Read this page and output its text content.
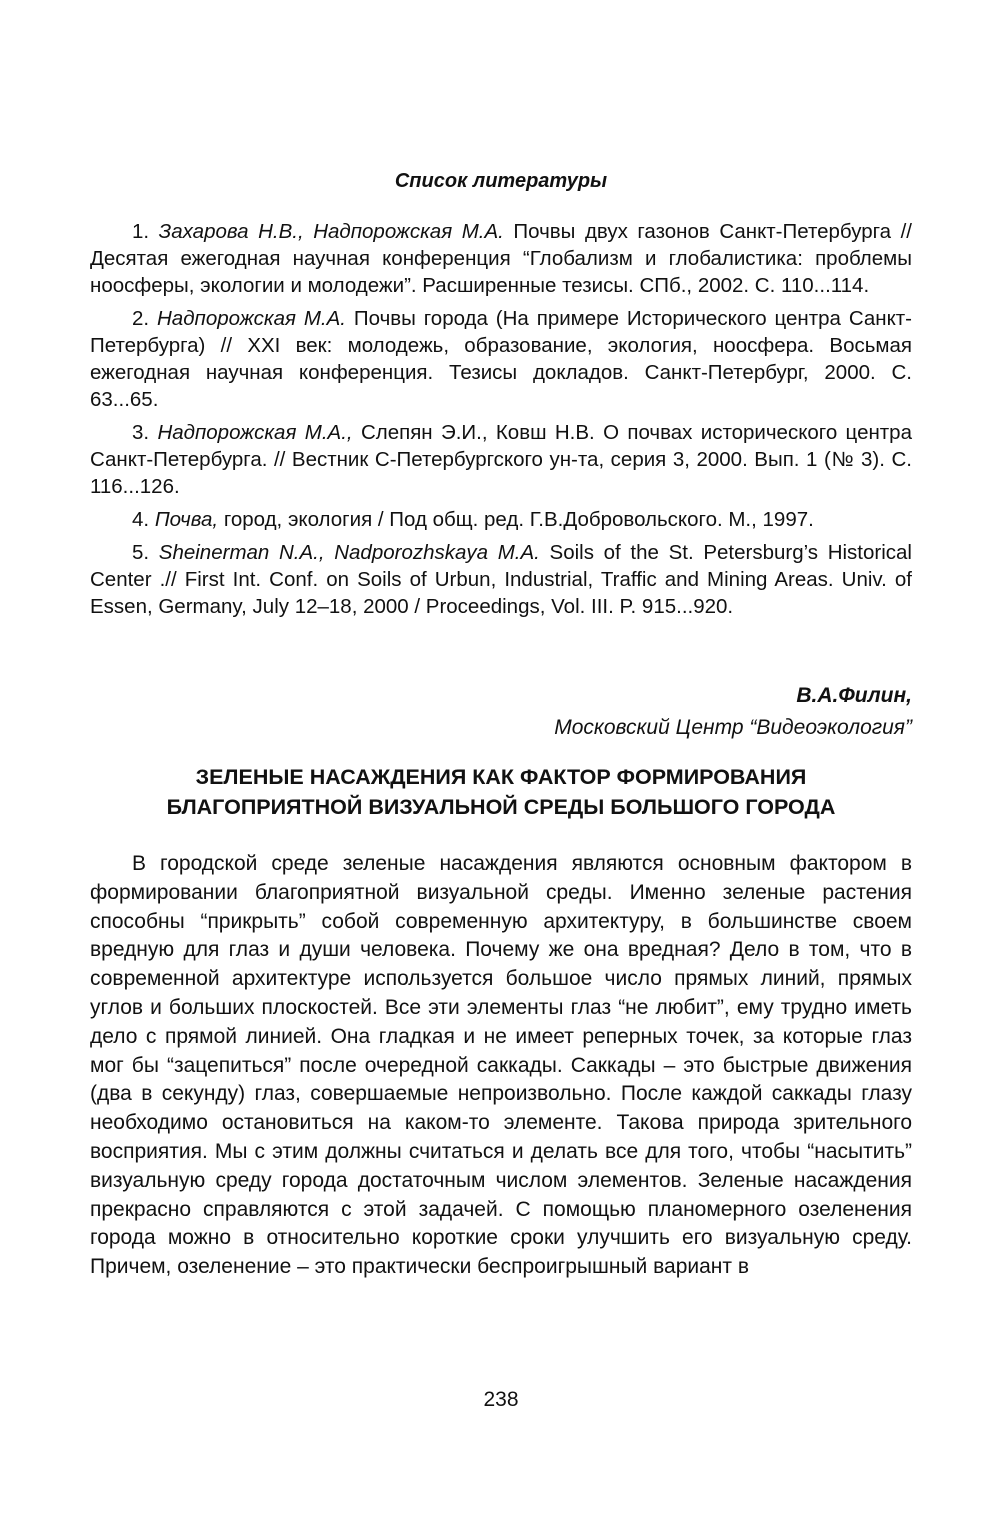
Список литературы

1. Захарова Н.В., Надпорожская М.А. Почвы двух газонов Санкт-Петербурга // Десятая ежегодная научная конференция “Глобализм и глобалистика: проблемы ноосферы, экологии и молодежи”. Расширенные тезисы. СПб., 2002. С. 110...114.

2. Надпорожская М.А. Почвы города (На примере Исторического центра Санкт-Петербурга) // XXI век: молодежь, образование, экология, ноосфера. Восьмая ежегодная научная конференция. Тезисы докладов. Санкт-Петербург, 2000. С. 63...65.

3. Надпорожская М.А., Слепян Э.И., Ковш Н.В. О почвах исторического центра Санкт-Петербурга. // Вестник С-Петербургского ун-та, серия 3, 2000. Вып. 1 (№ 3). С. 116...126.

4. Почва, город, экология / Под общ. ред. Г.В.Добровольского. М., 1997.

5. Sheinerman N.A., Nadporozhskaya M.A. Soils of the St. Petersburg’s Historical Center .// First Int. Conf. on Soils of Urbun, Industrial, Traffic and Mining Areas. Univ. of Essen, Germany, July 12–18, 2000 / Proceedings, Vol. III. P. 915...920.

В.А.Филин,
Московский Центр “Видеоэкология”
ЗЕЛЕНЫЕ НАСАЖДЕНИЯ КАК ФАКТОР ФОРМИРОВАНИЯ
БЛАГОПРИЯТНОЙ ВИЗУАЛЬНОЙ СРЕДЫ БОЛЬШОГО ГОРОДА

В городской среде зеленые насаждения являются основным фактором в формировании благоприятной визуальной среды. Именно зеленые растения способны “прикрыть” собой современную архитектуру, в большинстве своем вредную для глаз и души человека. Почему же она вредная? Дело в том, что в современной архитектуре используется большое число прямых линий, прямых углов и больших плоскостей. Все эти элементы глаз “не любит”, ему трудно иметь дело с прямой линией. Она гладкая и не имеет реперных точек, за которые глаз мог бы “зацепиться” после очередной саккады. Саккады – это быстрые движения (два в секунду) глаз, совершаемые непроизвольно. После каждой саккады глазу необходимо остановиться на каком-то элементе. Такова природа зрительного восприятия. Мы с этим должны считаться и делать все для того, чтобы “насытить” визуальную среду города достаточным числом элементов. Зеленые насаждения прекрасно справляются с этой задачей. С помощью планомерного озеленения города можно в относительно короткие сроки улучшить его визуальную среду. Причем, озеленение – это практически беспроигрышный вариант в

238
